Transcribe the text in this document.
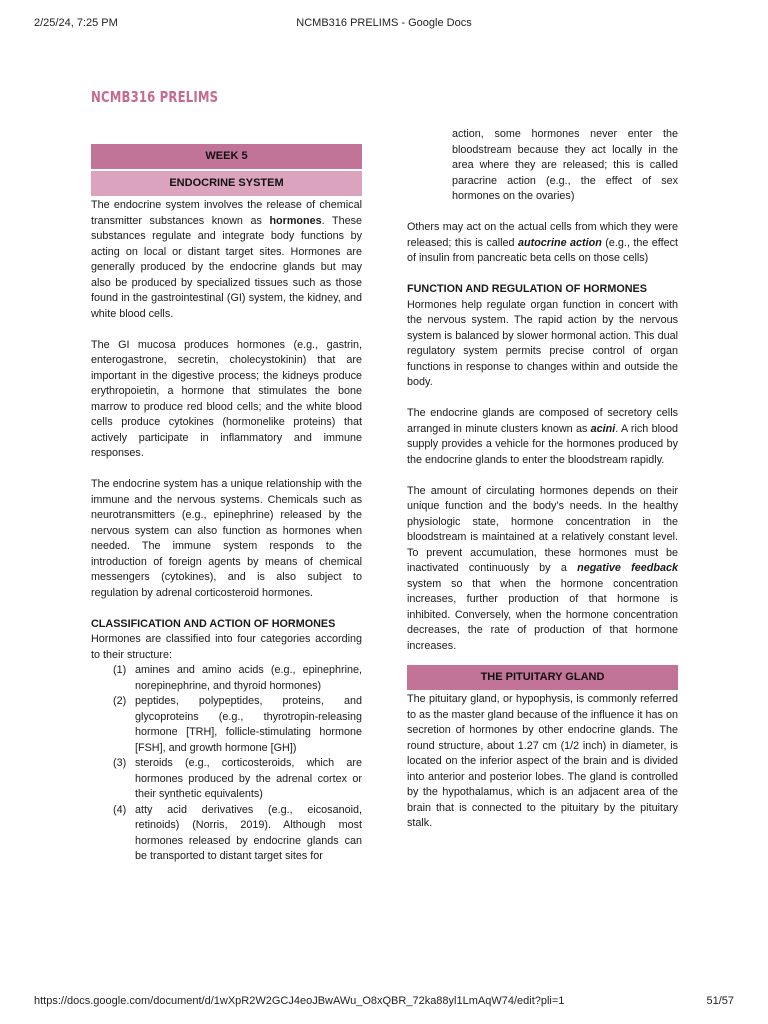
2/25/24, 7:25 PM	NCMB316 PRELIMS - Google Docs
NCMB316 PRELIMS
WEEK 5
ENDOCRINE SYSTEM

The endocrine system involves the release of chemical transmitter substances known as hormones. These substances regulate and integrate body functions by acting on local or distant target sites. Hormones are generally produced by the endocrine glands but may also be produced by specialized tissues such as those found in the gastrointestinal (GI) system, the kidney, and white blood cells.

The GI mucosa produces hormones (e.g., gastrin, enterogastrone, secretin, cholecystokinin) that are important in the digestive process; the kidneys produce erythropoietin, a hormone that stimulates the bone marrow to produce red blood cells; and the white blood cells produce cytokines (hormonelike proteins) that actively participate in inflammatory and immune responses.

The endocrine system has a unique relationship with the immune and the nervous systems. Chemicals such as neurotransmitters (e.g., epinephrine) released by the nervous system can also function as hormones when needed. The immune system responds to the introduction of foreign agents by means of chemical messengers (cytokines), and is also subject to regulation by adrenal corticosteroid hormones.

CLASSIFICATION AND ACTION OF HORMONES

Hormones are classified into four categories according to their structure:

(1) amines and amino acids (e.g., epinephrine, norepinephrine, and thyroid hormones)
(2) peptides, polypeptides, proteins, and glycoproteins (e.g., thyrotropin-releasing hormone [TRH], follicle-stimulating hormone [FSH], and growth hormone [GH])
(3) steroids (e.g., corticosteroids, which are hormones produced by the adrenal cortex or their synthetic equivalents)
(4) atty acid derivatives (e.g., eicosanoid, retinoids) (Norris, 2019). Although most hormones released by endocrine glands can be transported to distant target sites for

action, some hormones never enter the bloodstream because they act locally in the area where they are released; this is called paracrine action (e.g., the effect of sex hormones on the ovaries)

Others may act on the actual cells from which they were released; this is called autocrine action (e.g., the effect of insulin from pancreatic beta cells on those cells)

FUNCTION AND REGULATION OF HORMONES

Hormones help regulate organ function in concert with the nervous system. The rapid action by the nervous system is balanced by slower hormonal action. This dual regulatory system permits precise control of organ functions in response to changes within and outside the body.

The endocrine glands are composed of secretory cells arranged in minute clusters known as acini. A rich blood supply provides a vehicle for the hormones produced by the endocrine glands to enter the bloodstream rapidly.

The amount of circulating hormones depends on their unique function and the body’s needs. In the healthy physiologic state, hormone concentration in the bloodstream is maintained at a relatively constant level. To prevent accumulation, these hormones must be inactivated continuously by a negative feedback system so that when the hormone concentration increases, further production of that hormone is inhibited. Conversely, when the hormone concentration decreases, the rate of production of that hormone increases.

THE PITUITARY GLAND

The pituitary gland, or hypophysis, is commonly referred to as the master gland because of the influence it has on secretion of hormones by other endocrine glands. The round structure, about 1.27 cm (1/2 inch) in diameter, is located on the inferior aspect of the brain and is divided into anterior and posterior lobes. The gland is controlled by the hypothalamus, which is an adjacent area of the brain that is connected to the pituitary by the pituitary stalk.

https://docs.google.com/document/d/1wXpR2W2GCJ4eoJBwAWu_O8xQBR_72ka88yl1LmAqW74/edit?pli=1	51/57
